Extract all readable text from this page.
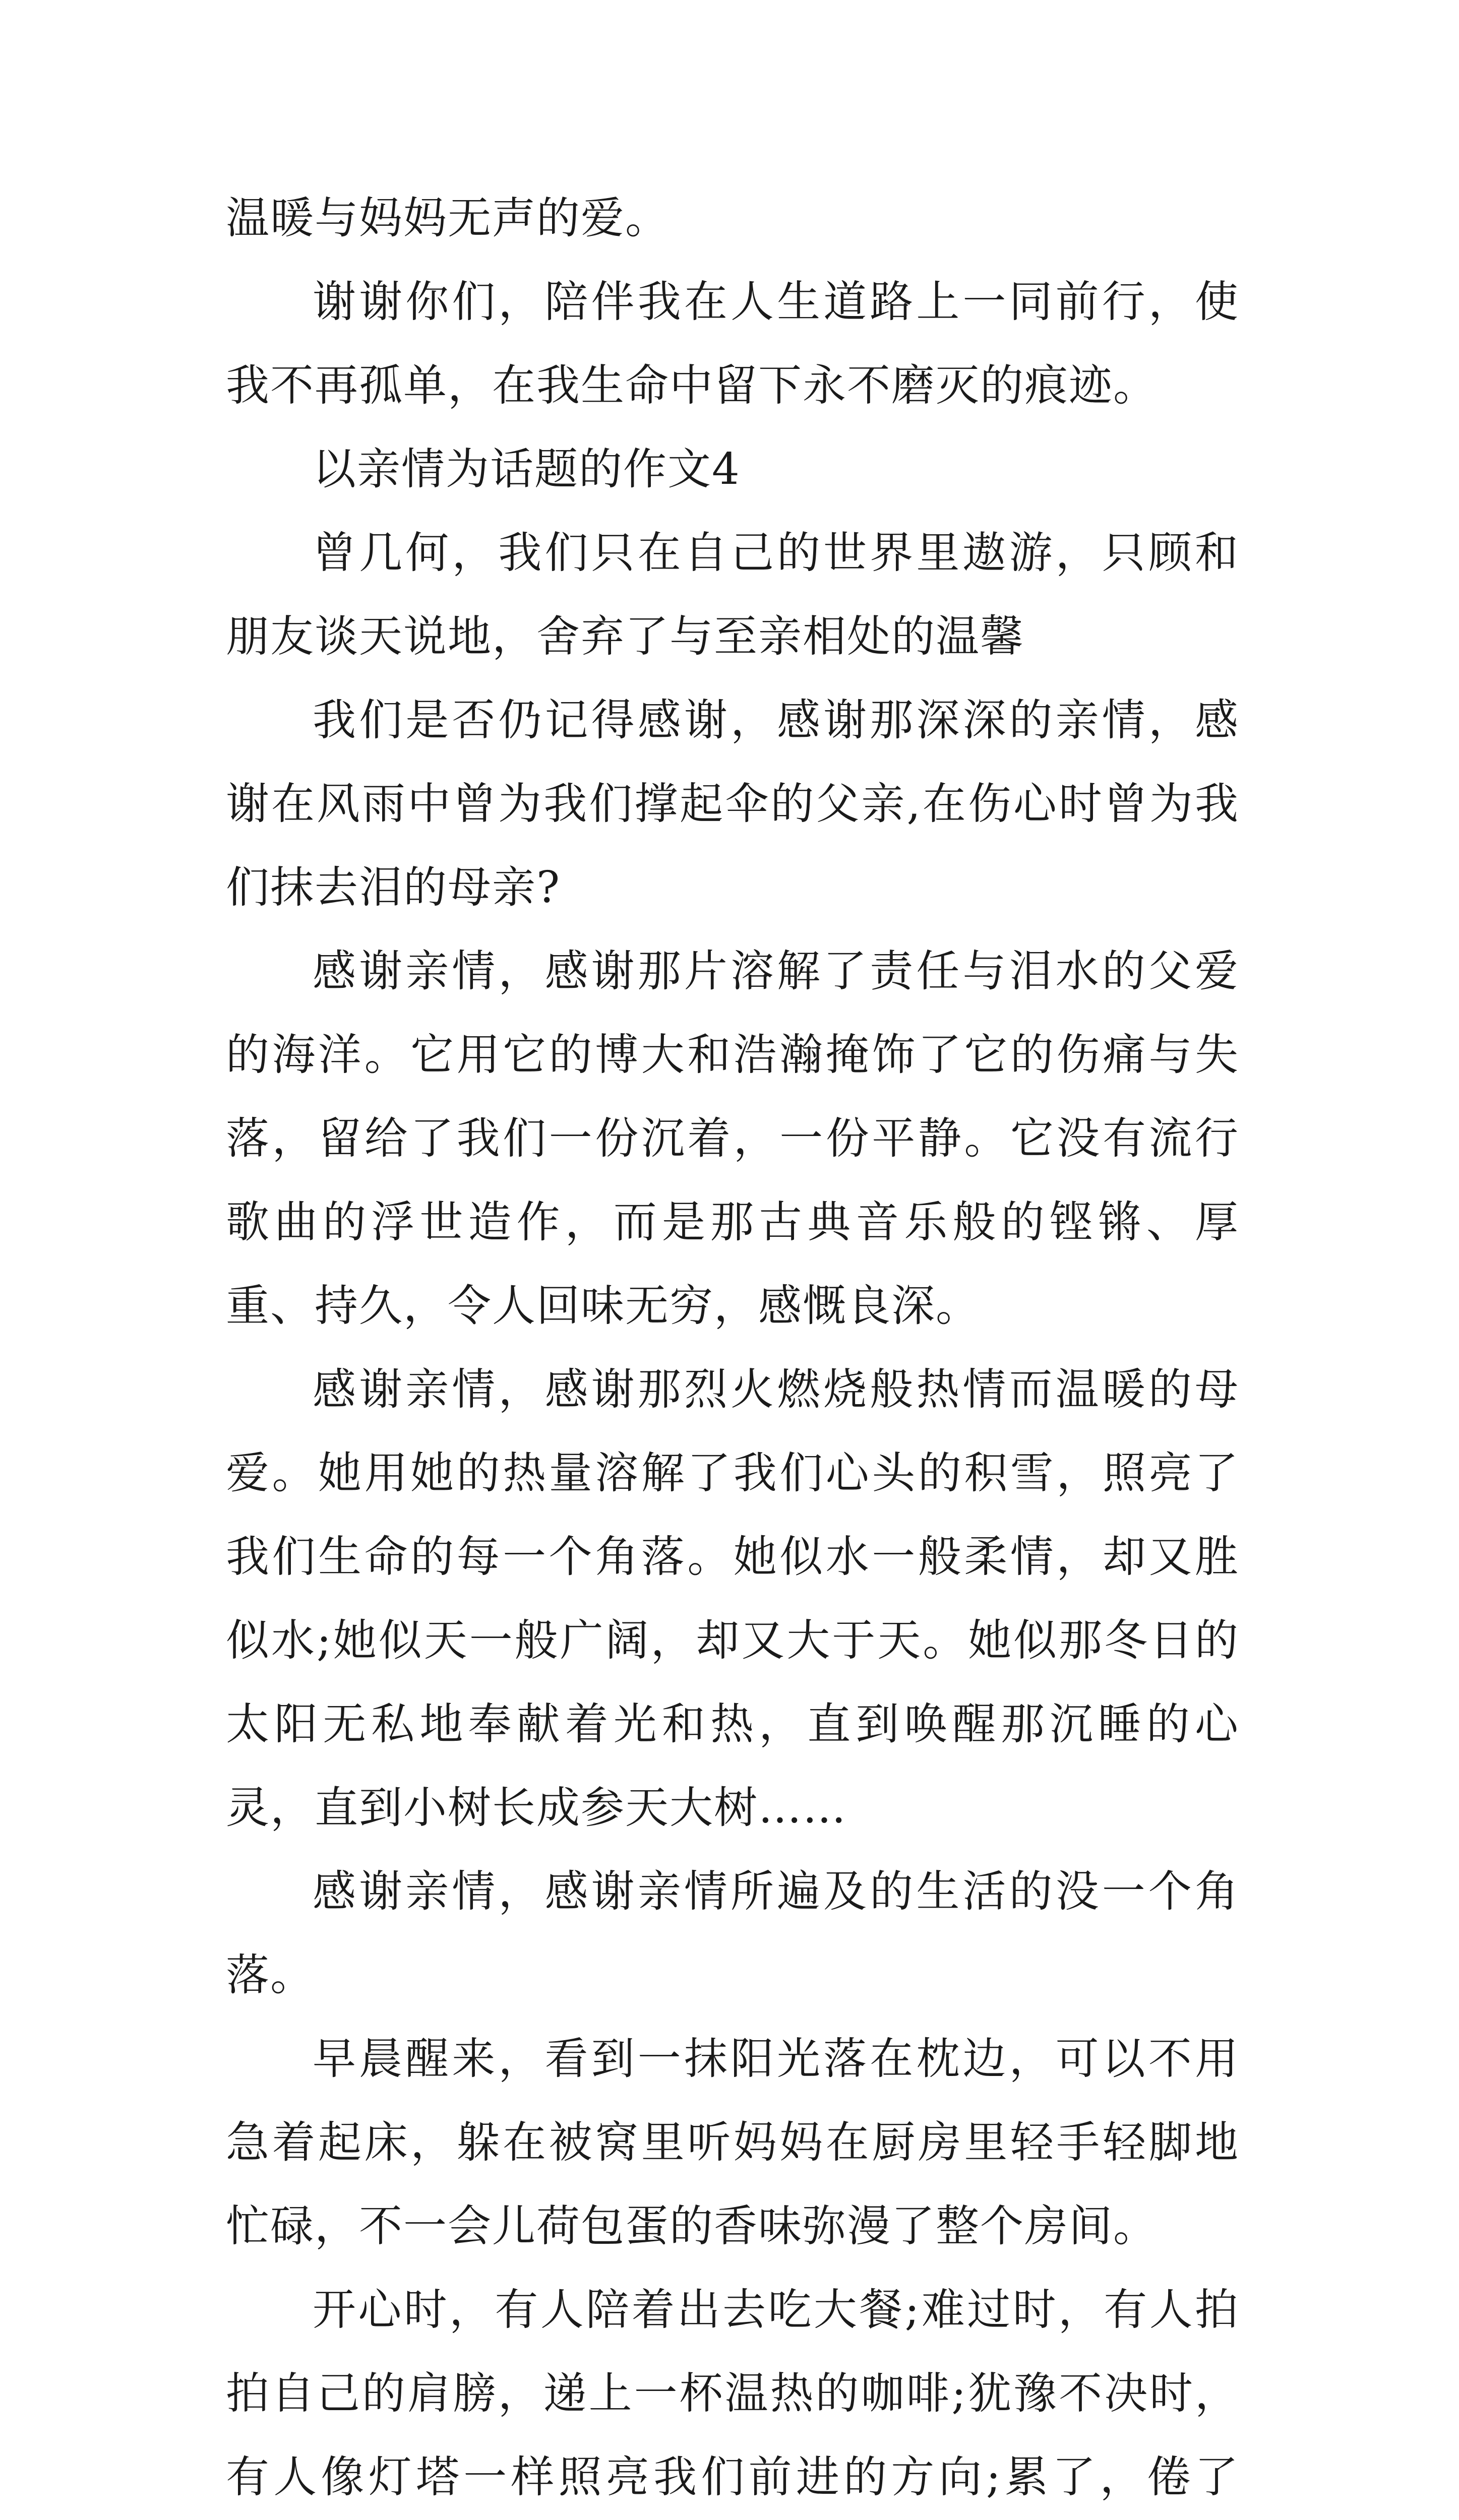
温暖与妈妈无声的爱。

谢谢你们，陪伴我在人生道路上一同前行，使我不再孤单，在我生命中留下永不磨灭的痕迹。

以亲情为话题的作文4

曾几何，我们只在自己的世界里遨游，只顾和朋友谈天说地，舍弃了与至亲相处的温馨

我们是否仍记得感谢，感谢那深深的亲情，感谢在风雨中曾为我们撑起伞的父亲,在伤心时曾为我们抹去泪的母亲?

感谢亲情，感谢那片溶解了责任与泪水的父爱的海洋。它用它的博大和浩瀚掩饰了它的伤痛与失落，留给了我们一份沉着，一份平静。它没有流行歌曲的浮世造作，而是那古典音乐般的铿锵、厚重、持久，令人回味无穷，感慨良深。

感谢亲情，感谢那烈火燃烧般热情而温暖的母爱。她用她的热量溶解了我们心头的积雪，照亮了我们生命的每一个角落。她似水一般柔情，却又胜似水;她似天一般广阔，却又大于天。她似那冬日的太阳无私地奉献着光和热，直到唤醒那沉睡的心灵，直到小树长成参天大树……

感谢亲情，感谢亲情所遍及的生活的没一个角落。

早晨醒来，看到一抹阳光落在枕边，可以不用急着起床，躲在被窝里听妈妈在厨房里轻手轻脚地忙碌，不一会儿荷包蛋的香味弥漫了整个房间。

开心时，有人陪着出去吃大餐;难过时，有人拍拍自己的肩膀，递上一杯温热的咖啡;犹豫不决时，有人像灯塔一样照亮我们前进的方向;累了，倦了
